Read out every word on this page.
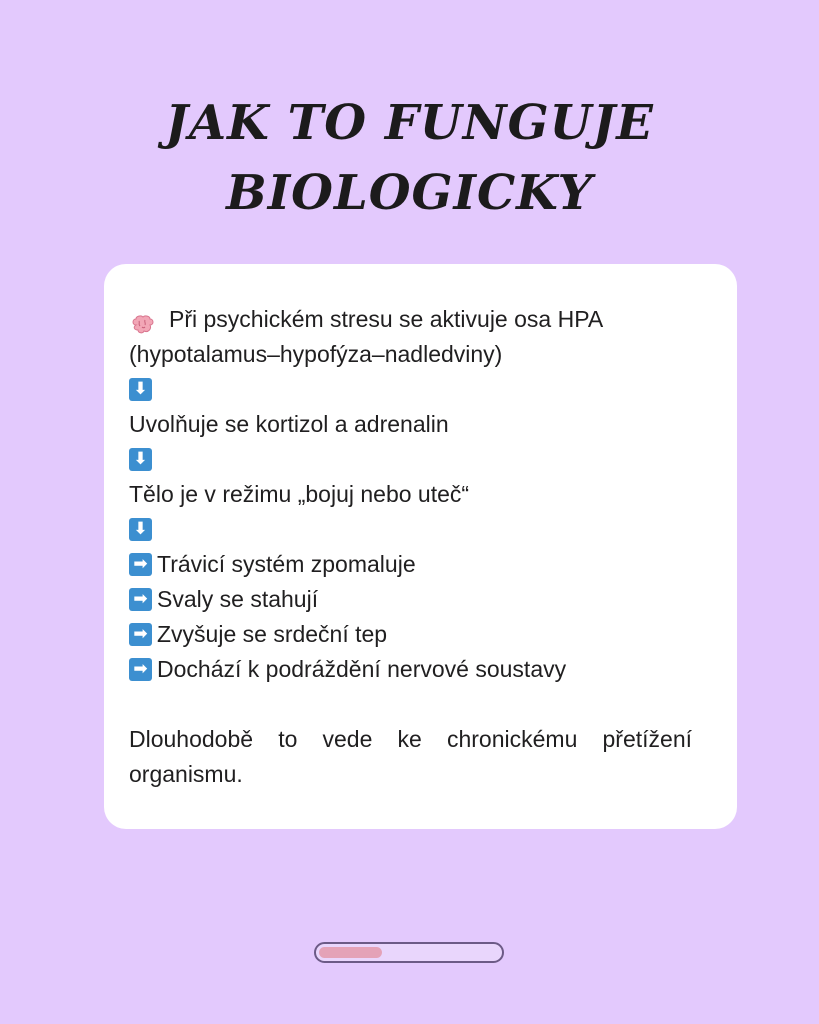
JAK TO FUNGUJE
BIOLOGICKY
Při psychickém stresu se aktivuje osa HPA
(hypotalamus–hypofýza–nadledviny)
⬇
Uvolňuje se kortizol a adrenalin
⬇
Tělo je v režimu „bojuj nebo uteč“
⬇
➡ Trávicí systém zpomaluje
➡ Svaly se stahují
➡ Zvyšuje se srdeční tep
➡ Dochází k podráždění nervové soustavy
Dlouhodobě to vede ke chronickému přetížení organismu.
